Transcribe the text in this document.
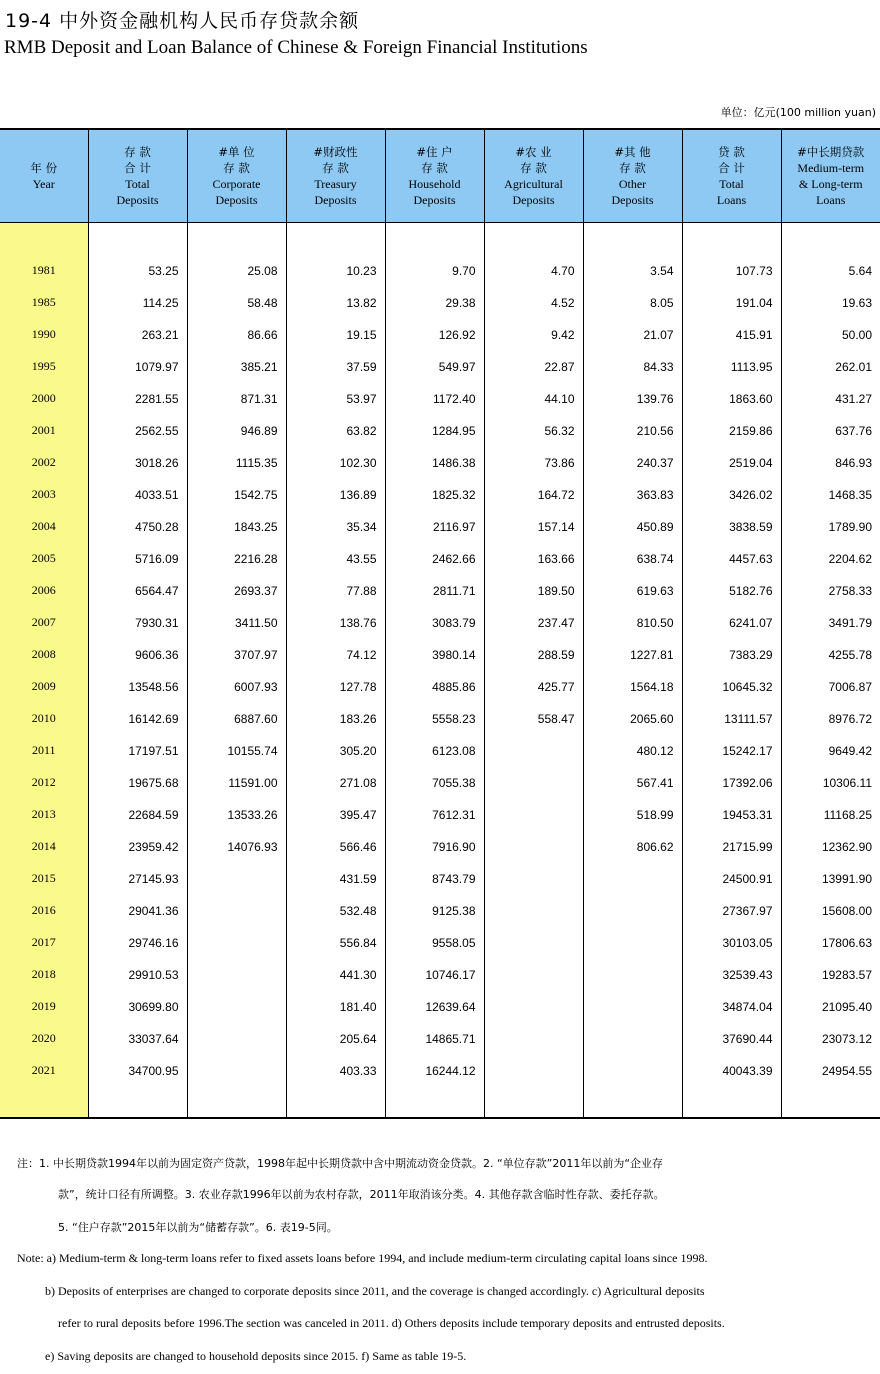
19-4 中外资金融机构人民币存贷款余额
RMB Deposit and Loan Balance of Chinese & Foreign Financial Institutions
单位：亿元(100 million yuan)
年 份
Year	存 款
合 计
Total
Deposits	#单 位
存 款
Corporate
Deposits	#财政性
存 款
Treasury
Deposits	#住 户
存 款
Household
Deposits	#农 业
存 款
Agricultural
Deposits	#其 他
存 款
Other
Deposits	贷 款
合 计
Total
Loans	#中长期贷款
Medium-term
& Long-term
Loans

1981	53.25	25.08	10.23	9.70	4.70	3.54	107.73	5.64
1985	114.25	58.48	13.82	29.38	4.52	8.05	191.04	19.63
1990	263.21	86.66	19.15	126.92	9.42	21.07	415.91	50.00
1995	1079.97	385.21	37.59	549.97	22.87	84.33	1113.95	262.01
2000	2281.55	871.31	53.97	1172.40	44.10	139.76	1863.60	431.27
2001	2562.55	946.89	63.82	1284.95	56.32	210.56	2159.86	637.76
2002	3018.26	1115.35	102.30	1486.38	73.86	240.37	2519.04	846.93
2003	4033.51	1542.75	136.89	1825.32	164.72	363.83	3426.02	1468.35
2004	4750.28	1843.25	35.34	2116.97	157.14	450.89	3838.59	1789.90
2005	5716.09	2216.28	43.55	2462.66	163.66	638.74	4457.63	2204.62
2006	6564.47	2693.37	77.88	2811.71	189.50	619.63	5182.76	2758.33
2007	7930.31	3411.50	138.76	3083.79	237.47	810.50	6241.07	3491.79
2008	9606.36	3707.97	74.12	3980.14	288.59	1227.81	7383.29	4255.78
2009	13548.56	6007.93	127.78	4885.86	425.77	1564.18	10645.32	7006.87
2010	16142.69	6887.60	183.26	5558.23	558.47	2065.60	13111.57	8976.72
2011	17197.51	10155.74	305.20	6123.08		480.12	15242.17	9649.42
2012	19675.68	11591.00	271.08	7055.38		567.41	17392.06	10306.11
2013	22684.59	13533.26	395.47	7612.31		518.99	19453.31	11168.25
2014	23959.42	14076.93	566.46	7916.90		806.62	21715.99	12362.90
2015	27145.93		431.59	8743.79			24500.91	13991.90
2016	29041.36		532.48	9125.38			27367.97	15608.00
2017	29746.16		556.84	9558.05			30103.05	17806.63
2018	29910.53		441.30	10746.17			32539.43	19283.57
2019	30699.80		181.40	12639.64			34874.04	21095.40
2020	33037.64		205.64	14865.71			37690.44	23073.12
2021	34700.95		403.33	16244.12			40043.39	24954.55

注：1. 中长期贷款1994年以前为固定资产贷款，1998年起中长期贷款中含中期流动资金贷款。2. “单位存款”2011年以前为“企业存
款”，统计口径有所调整。3. 农业存款1996年以前为农村存款，2011年取消该分类。4. 其他存款含临时性存款、委托存款。
5. “住户存款”2015年以前为“储蓄存款”。6. 表19-5同。
Note: a) Medium-term & long-term loans refer to fixed assets loans before 1994, and include medium-term circulating capital loans since 1998.
b) Deposits of enterprises are changed to corporate deposits since 2011, and the coverage is changed accordingly. c) Agricultural deposits
refer to rural deposits before 1996.The section was canceled in 2011. d) Others deposits include temporary deposits and entrusted deposits.
e) Saving deposits are changed to household deposits since 2015. f) Same as table 19-5.
